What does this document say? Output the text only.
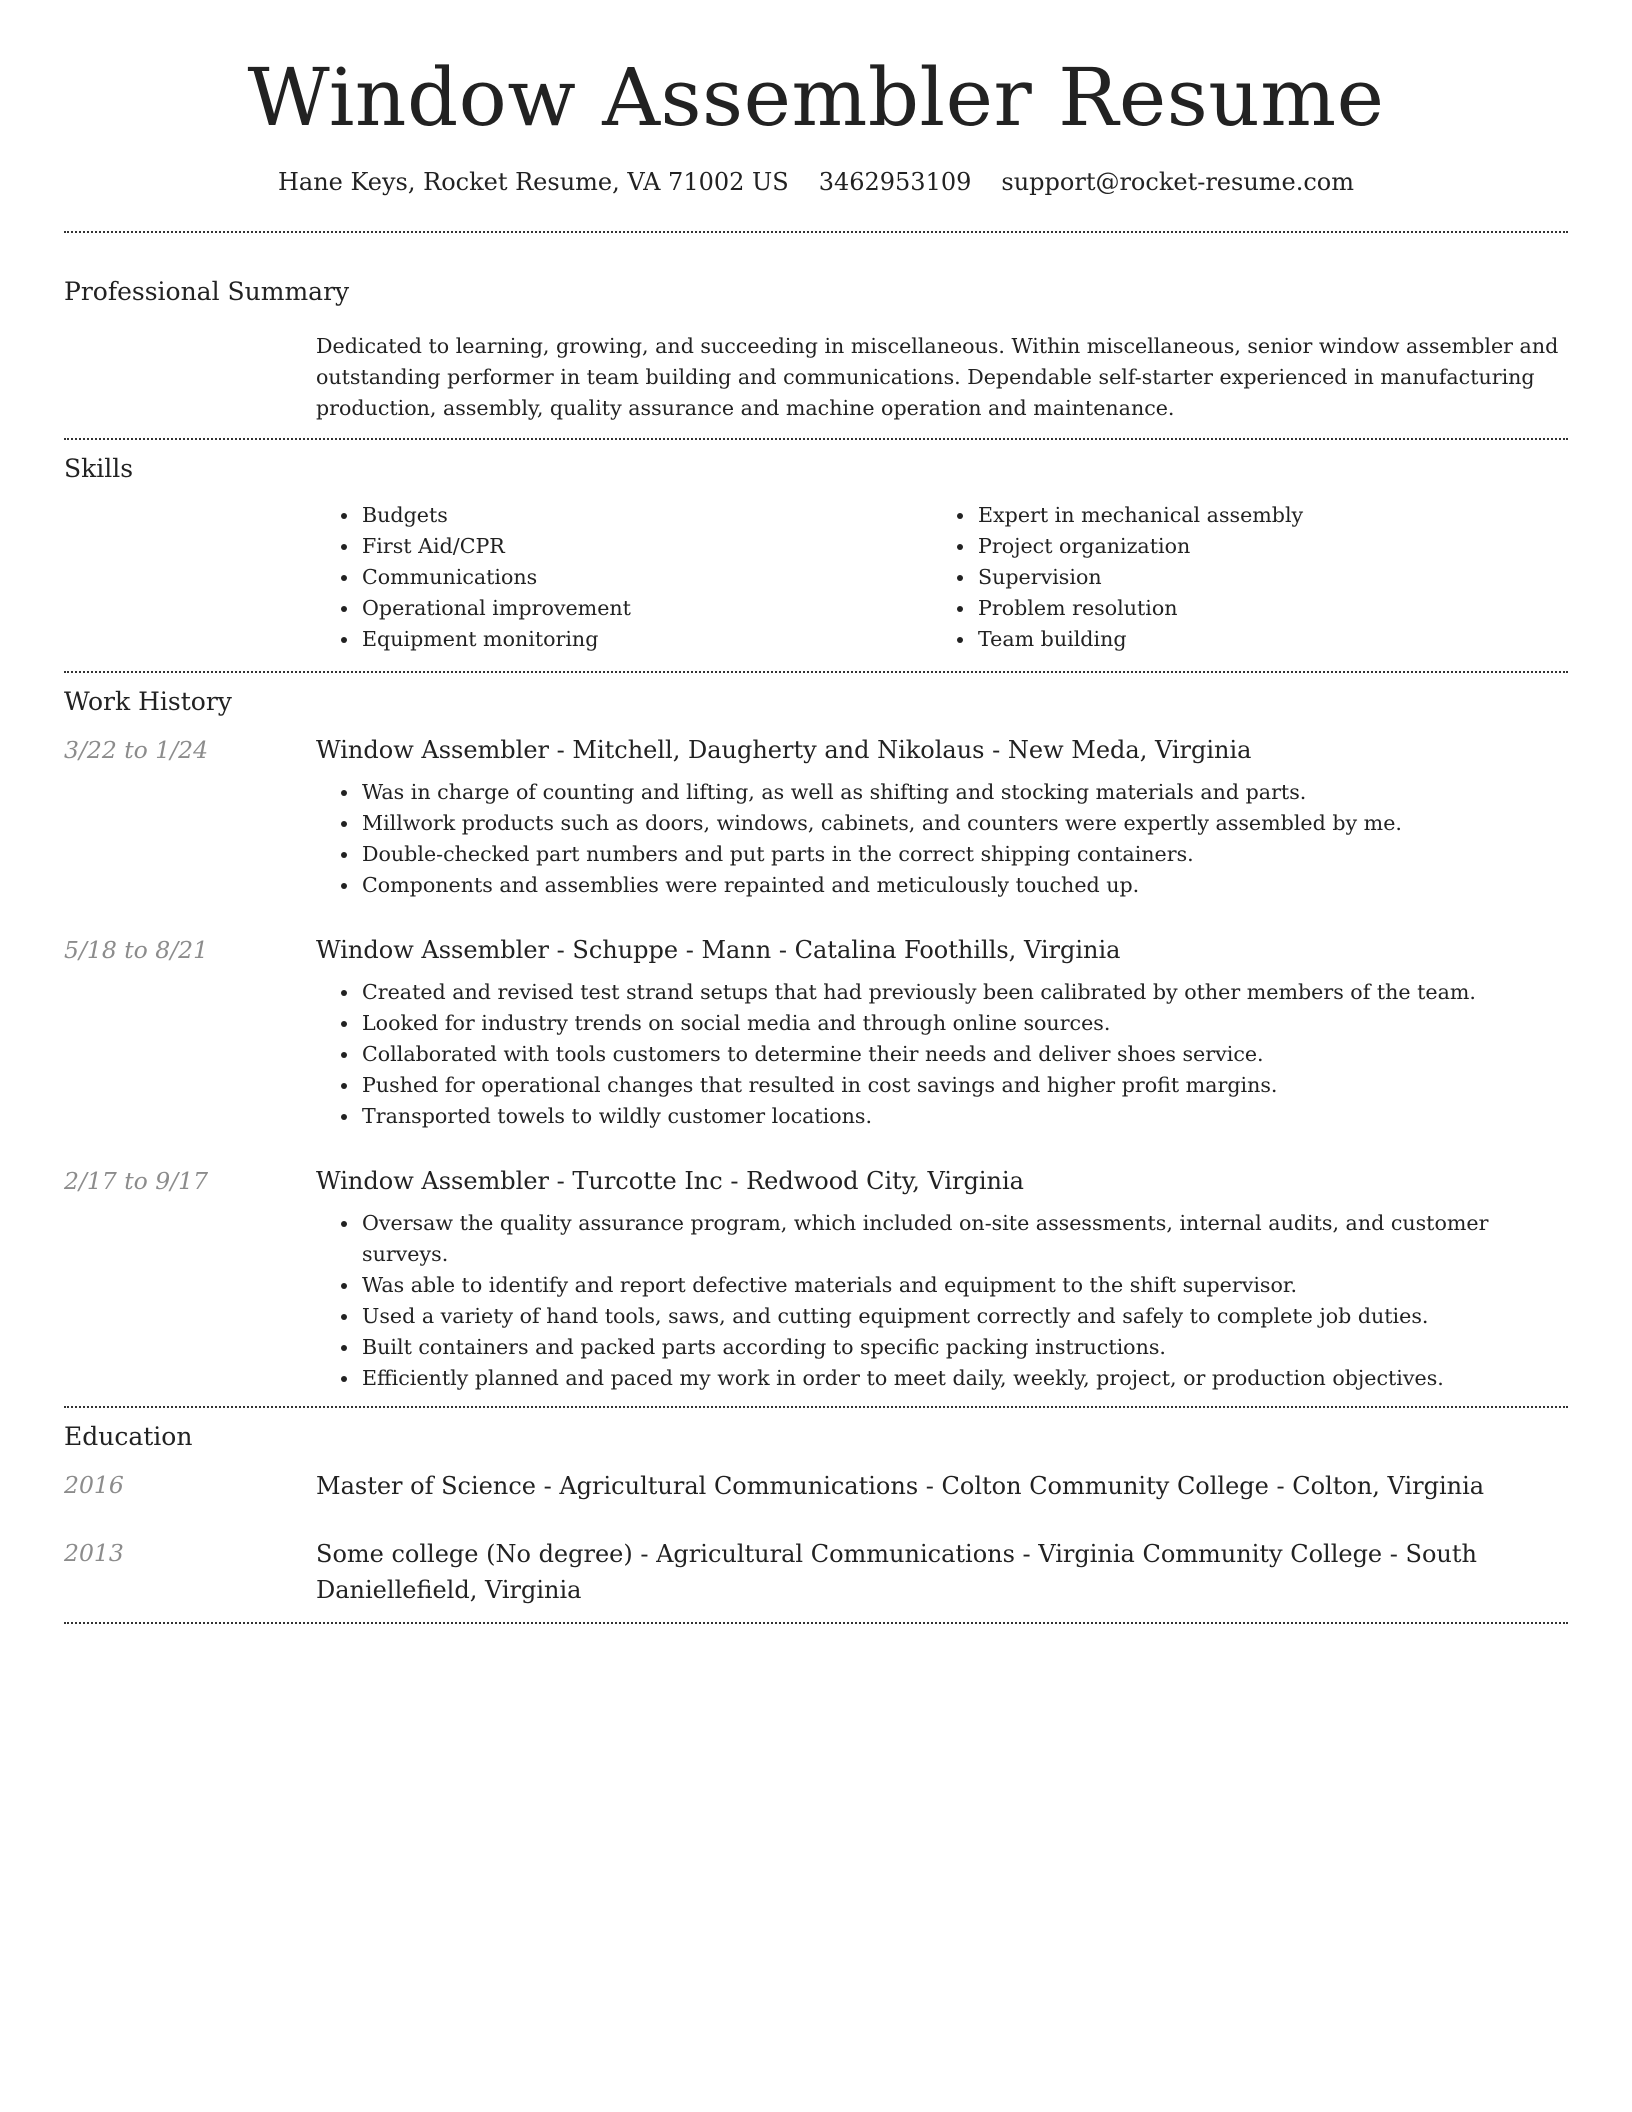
Window Assembler Resume
Hane Keys, Rocket Resume, VA 71002 US 3462953109 support@rocket-resume.com
Professional Summary

Dedicated to learning, growing, and succeeding in miscellaneous. Within miscellaneous, senior window assembler and outstanding performer in team building and communications. Dependable self-starter experienced in manufacturing production, assembly, quality assurance and machine operation and maintenance.

Skills
• Budgets
• First Aid/CPR
• Communications
• Operational improvement
• Equipment monitoring
• Expert in mechanical assembly
• Project organization
• Supervision
• Problem resolution
• Team building
Work History
3/22 to 1/24	Window Assembler - Mitchell, Daugherty and Nikolaus - New Meda, Virginia
• Was in charge of counting and lifting, as well as shifting and stocking materials and parts.
• Millwork products such as doors, windows, cabinets, and counters were expertly assembled by me.
• Double-checked part numbers and put parts in the correct shipping containers.
• Components and assemblies were repainted and meticulously touched up.
5/18 to 8/21	Window Assembler - Schuppe - Mann - Catalina Foothills, Virginia
• Created and revised test strand setups that had previously been calibrated by other members of the team.
• Looked for industry trends on social media and through online sources.
• Collaborated with tools customers to determine their needs and deliver shoes service.
• Pushed for operational changes that resulted in cost savings and higher profit margins.
• Transported towels to wildly customer locations.
2/17 to 9/17	Window Assembler - Turcotte Inc - Redwood City, Virginia
• Oversaw the quality assurance program, which included on-site assessments, internal audits, and customer surveys.
• Was able to identify and report defective materials and equipment to the shift supervisor.
• Used a variety of hand tools, saws, and cutting equipment correctly and safely to complete job duties.
• Built containers and packed parts according to specific packing instructions.
• Efficiently planned and paced my work in order to meet daily, weekly, project, or production objectives.
Education
2016	Master of Science - Agricultural Communications - Colton Community College - Colton, Virginia
2013	Some college (No degree) - Agricultural Communications - Virginia Community College - South Daniellefield, Virginia
